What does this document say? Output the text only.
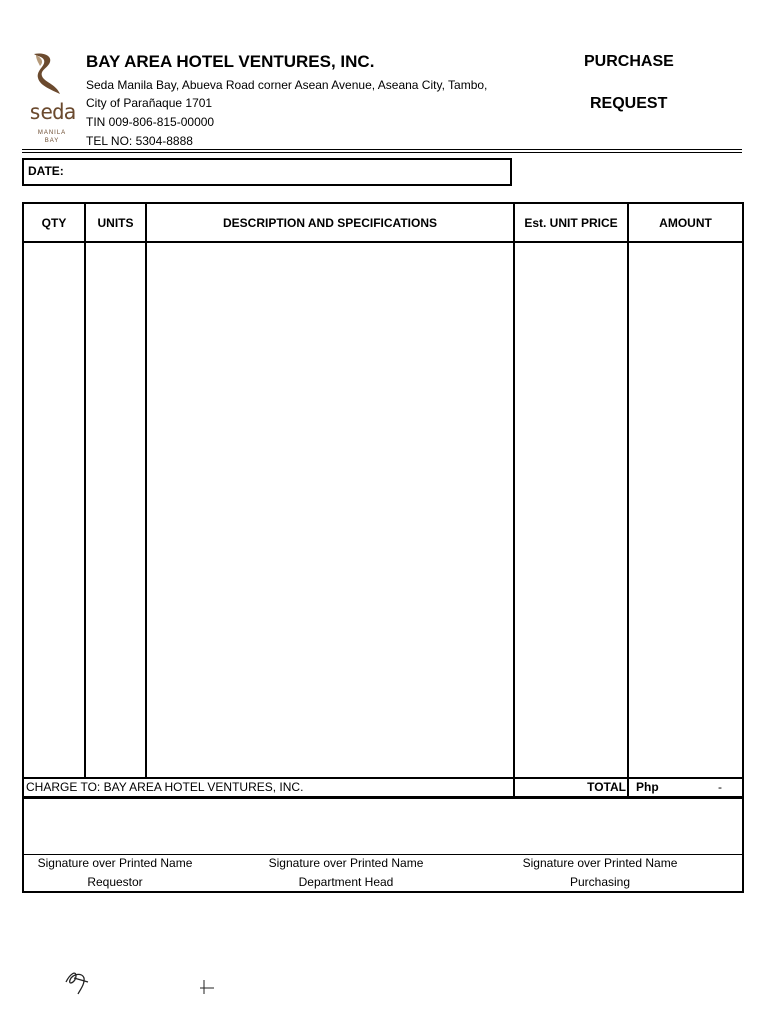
seda
MANILA
BAY
BAY AREA HOTEL VENTURES, INC.
Seda Manila Bay, Abueva Road corner Asean Avenue, Aseana City, Tambo,
City of Parañaque 1701
TIN 009-806-815-00000
TEL NO: 5304-8888
PURCHASE
REQUEST
DATE:
QTY	UNITS	DESCRIPTION AND SPECIFICATIONS	Est. UNIT PRICE	AMOUNT
CHARGE TO: BAY AREA HOTEL VENTURES, INC.	TOTAL Php	-
Signature over Printed Name
Requestor
Signature over Printed Name
Department Head
Signature over Printed Name
Purchasing
